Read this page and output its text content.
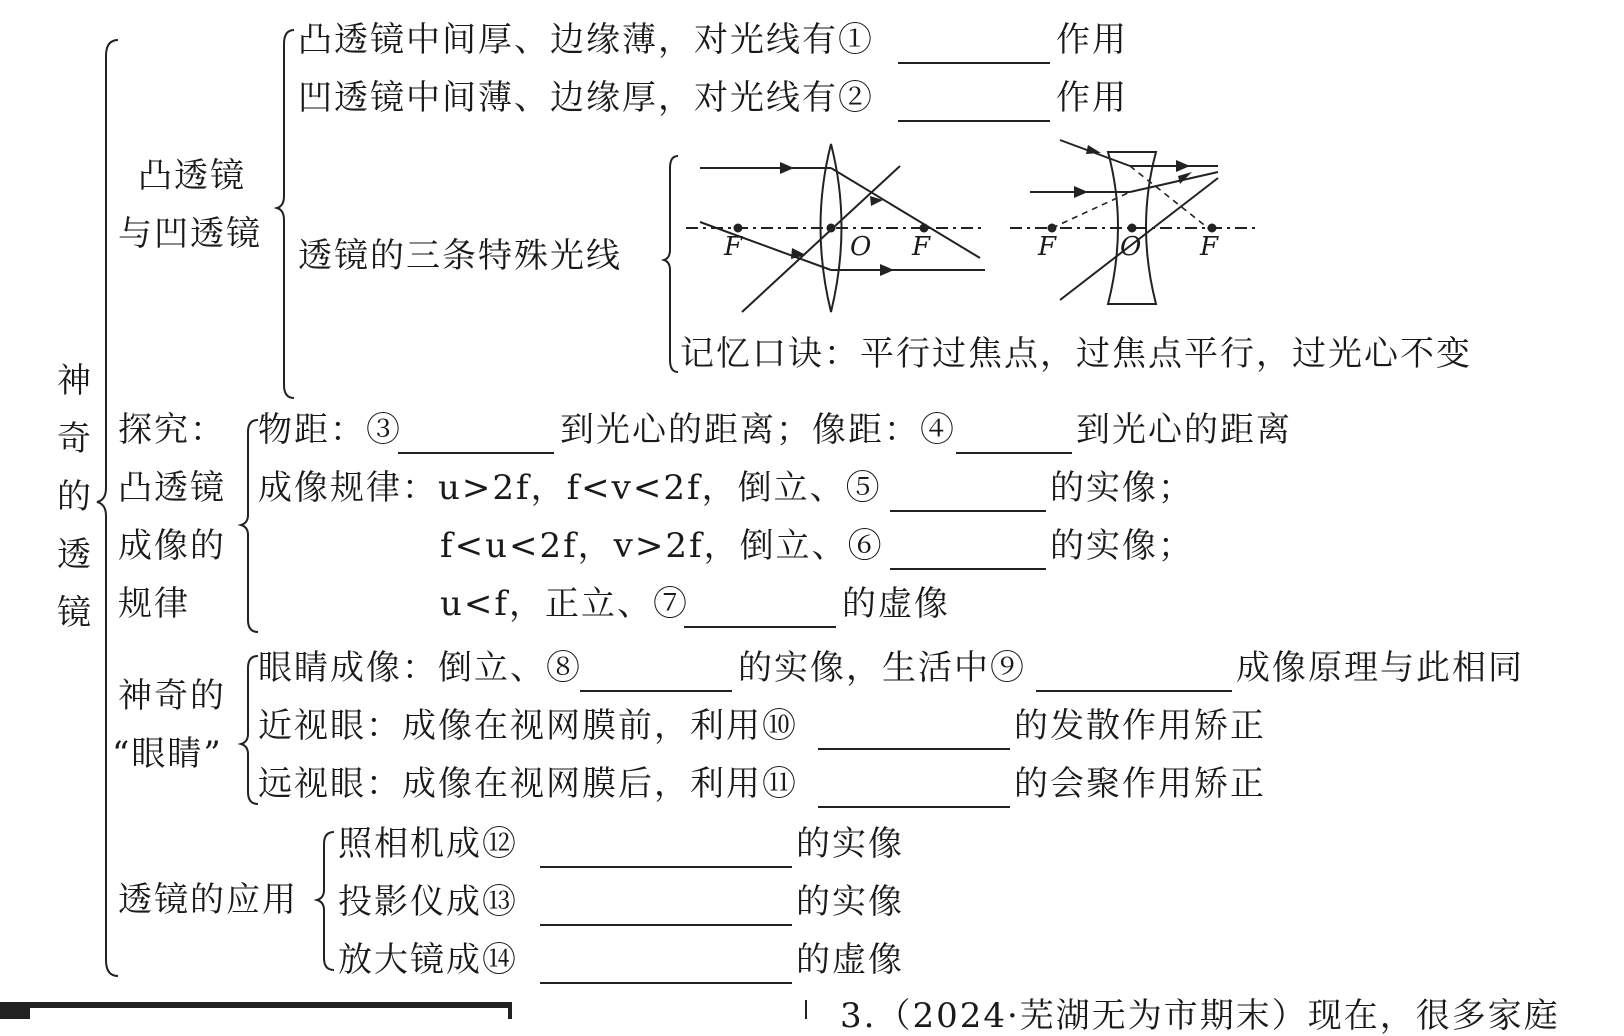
神
奇
的
透
镜
凸透镜
与凹透镜
凸透镜中间厚、边缘薄，对光线有①	作用
凹透镜中间薄、边缘厚，对光线有②	作用
透镜的三条特殊光线	F	O F	F O F
记忆口诀：平行过焦点，过焦点平行，过光心不变
探究：
凸透镜
成像的
规律
物距：③	到光心的距离；像距：④	到光心的距离
成像规律：u>2f，f<v<2f，倒立、⑤	的实像；
f<u<2f，v>2f，倒立、⑥	的实像；
u<f，正立、⑦	的虚像
神奇的
“眼睛”
眼睛成像：倒立、⑧	的实像，生活中⑨	成像原理与此相同
近视眼：成像在视网膜前，利用⑩	的发散作用矫正
远视眼：成像在视网膜后，利用⑪	的会聚作用矫正
透镜的应用
照相机成⑫	的实像
投影仪成⑬	的实像
放大镜成⑭	的虚像
3.（2024·芜湖无为市期末）现在，很多家庭
